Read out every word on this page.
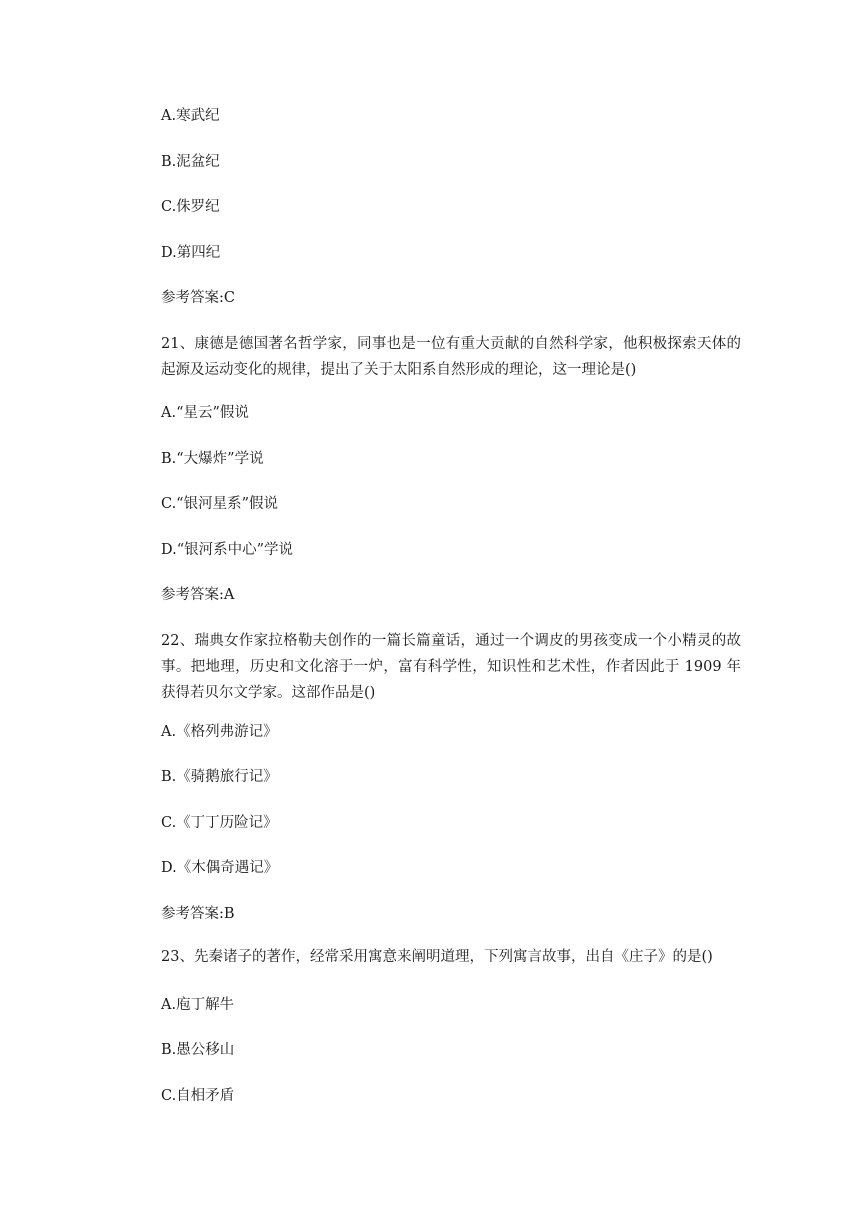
A.寒武纪
B.泥盆纪
C.侏罗纪
D.第四纪
参考答案:C
21、康德是德国著名哲学家，同事也是一位有重大贡献的自然科学家，他积极探索天体的起源及运动变化的规律，提出了关于太阳系自然形成的理论，这一理论是()
A.“星云”假说
B.“大爆炸”学说
C.“银河星系”假说
D.“银河系中心”学说
参考答案:A
22、瑞典女作家拉格勒夫创作的一篇长篇童话，通过一个调皮的男孩变成一个小精灵的故事。把地理，历史和文化溶于一炉，富有科学性，知识性和艺术性，作者因此于 1909 年获得若贝尔文学家。这部作品是()
A.《格列弗游记》
B.《骑鹅旅行记》
C.《丁丁历险记》
D.《木偶奇遇记》
参考答案:B
23、先秦诸子的著作，经常采用寓意来阐明道理，下列寓言故事，出自《庄子》的是()
A.庖丁解牛
B.愚公移山
C.自相矛盾
